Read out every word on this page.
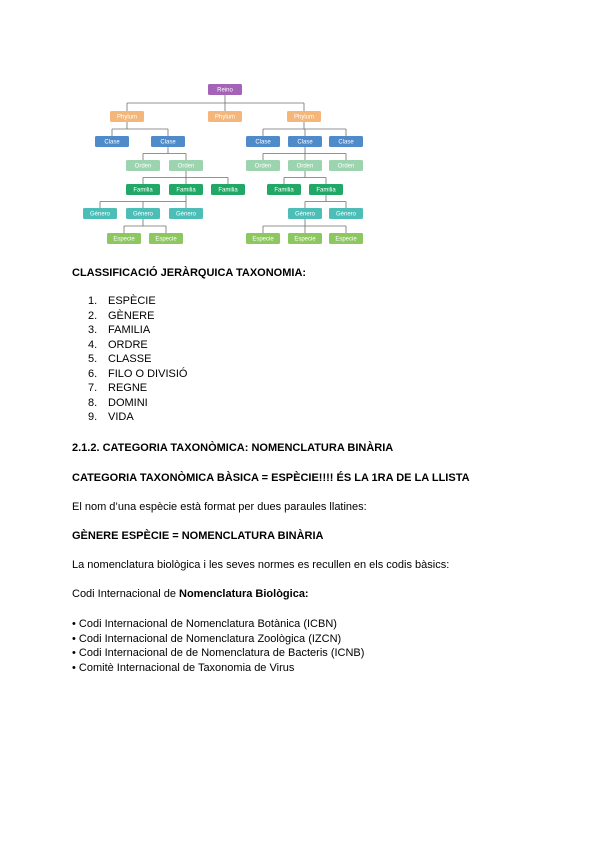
Reino
Phylum	Phylum	Phylum
Clase	Clase	Clase	Clase	Clase
Orden	Orden	Orden	Orden	Orden
Familia	Familia	Familia	Familia	Familia
Género	Género	Género	Género	Género
Especie	Especie	Especie	Especie	Especie
CLASSIFICACIÓ JERÀRQUICA TAXONOMIA:
1. ESPÈCIE
2. GÈNERE
3. FAMILIA
4. ORDRE
5. CLASSE
6. FILO O DIVISIÓ
7. REGNE
8. DOMINI
9. VIDA
2.1.2. CATEGORIA TAXONÒMICA: NOMENCLATURA BINÀRIA
CATEGORIA TAXONÒMICA BÀSICA = ESPÈCIE!!!! ÉS LA 1RA DE LA LLISTA
El nom d’una espècie està format per dues paraules llatines:
GÈNERE ESPÈCIE = NOMENCLATURA BINÀRIA
La nomenclatura biològica i les seves normes es recullen en els codis bàsics:
Codi Internacional de Nomenclatura Biològica:
• Codi Internacional de Nomenclatura Botànica (ICBN)
• Codi Internacional de Nomenclatura Zoològica (IZCN)
• Codi Internacional de de Nomenclatura de Bacteris (ICNB)
• Comitè Internacional de Taxonomia de Virus
